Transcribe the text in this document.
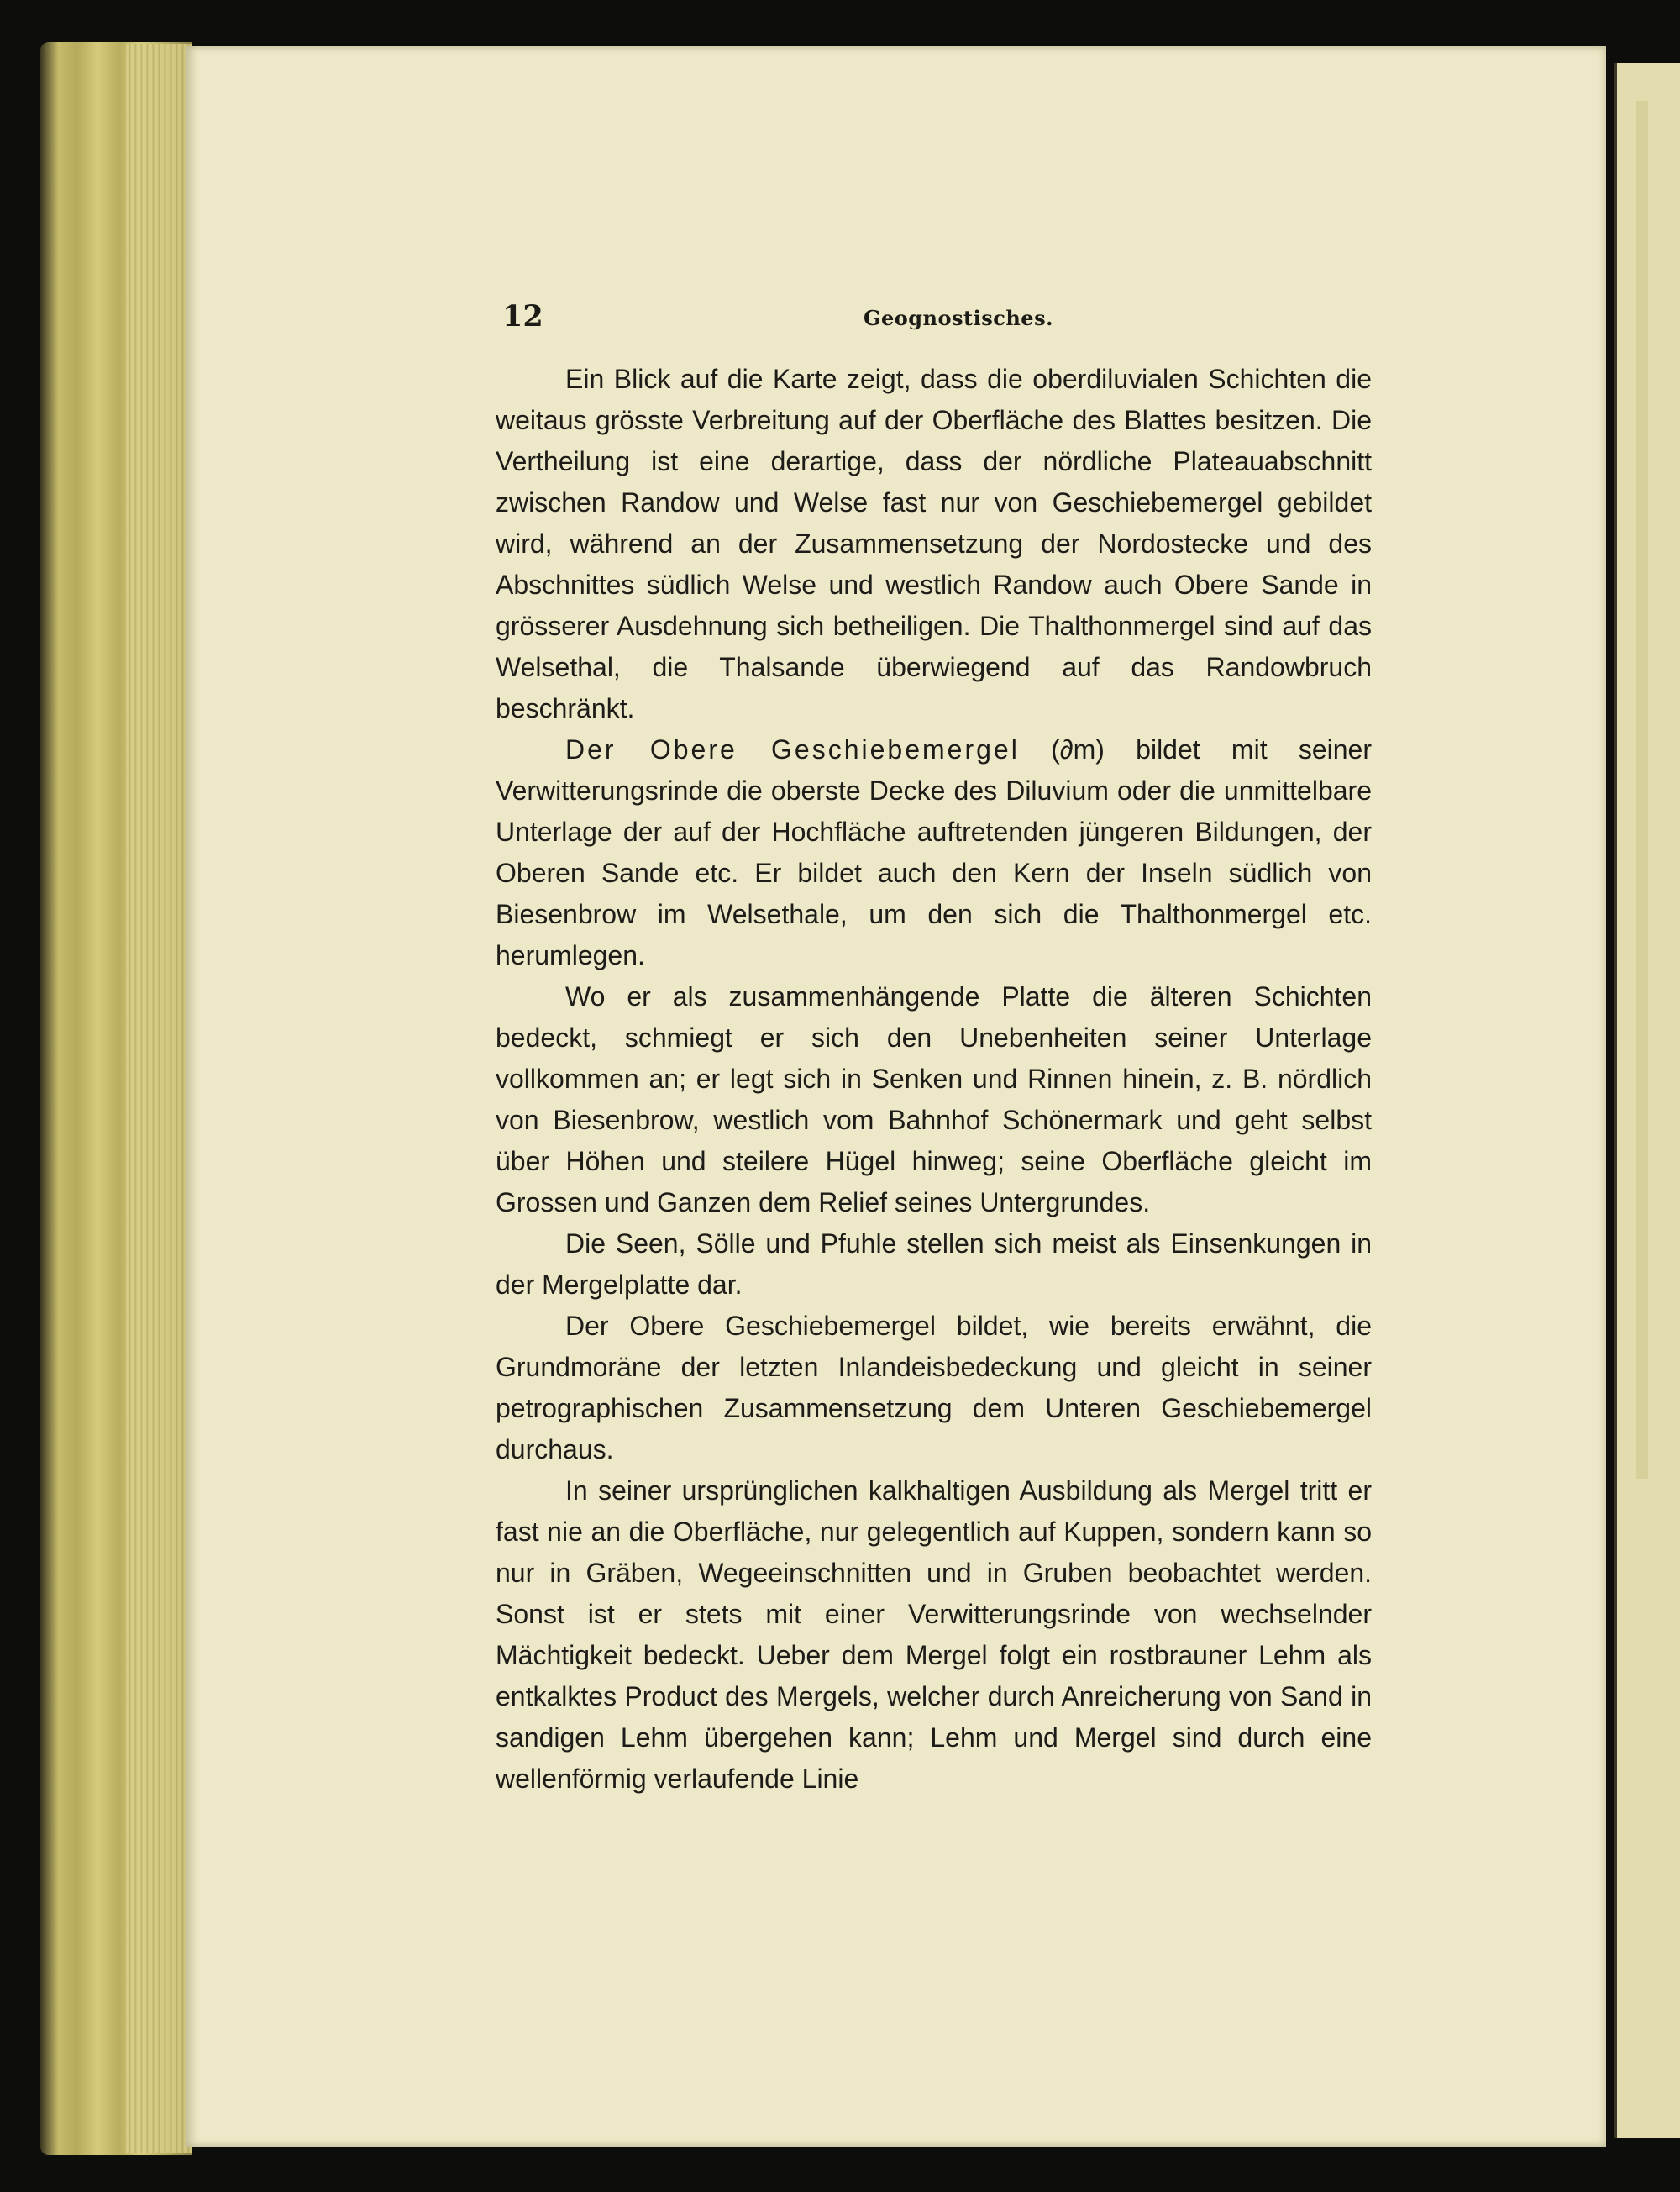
12	Geognostisches.

Ein Blick auf die Karte zeigt, dass die oberdiluvialen Schichten die weitaus grösste Verbreitung auf der Oberfläche des Blattes besitzen. Die Vertheilung ist eine derartige, dass der nördliche Plateauabschnitt zwischen Randow und Welse fast nur von Geschiebemergel gebildet wird, während an der Zusammensetzung der Nordostecke und des Abschnittes südlich Welse und westlich Randow auch Obere Sande in grösserer Ausdehnung sich betheiligen. Die Thalthonmergel sind auf das Welsethal, die Thalsande überwiegend auf das Randowbruch beschränkt.

Der Obere Geschiebemergel (∂m) bildet mit seiner Verwitterungsrinde die oberste Decke des Diluvium oder die unmittelbare Unterlage der auf der Hochfläche auftretenden jüngeren Bildungen, der Oberen Sande etc. Er bildet auch den Kern der Inseln südlich von Biesenbrow im Welsethale, um den sich die Thalthonmergel etc. herumlegen.

Wo er als zusammenhängende Platte die älteren Schichten bedeckt, schmiegt er sich den Unebenheiten seiner Unterlage vollkommen an; er legt sich in Senken und Rinnen hinein, z. B. nördlich von Biesenbrow, westlich vom Bahnhof Schönermark und geht selbst über Höhen und steilere Hügel hinweg; seine Oberfläche gleicht im Grossen und Ganzen dem Relief seines Untergrundes.

Die Seen, Sölle und Pfuhle stellen sich meist als Einsenkungen in der Mergelplatte dar.

Der Obere Geschiebemergel bildet, wie bereits erwähnt, die Grundmoräne der letzten Inlandeisbedeckung und gleicht in seiner petrographischen Zusammensetzung dem Unteren Geschiebemergel durchaus.

In seiner ursprünglichen kalkhaltigen Ausbildung als Mergel tritt er fast nie an die Oberfläche, nur gelegentlich auf Kuppen, sondern kann so nur in Gräben, Wegeeinschnitten und in Gruben beobachtet werden. Sonst ist er stets mit einer Verwitterungsrinde von wechselnder Mächtigkeit bedeckt. Ueber dem Mergel folgt ein rostbrauner Lehm als entkalktes Product des Mergels, welcher durch Anreicherung von Sand in sandigen Lehm übergehen kann; Lehm und Mergel sind durch eine wellenförmig verlaufende Linie
